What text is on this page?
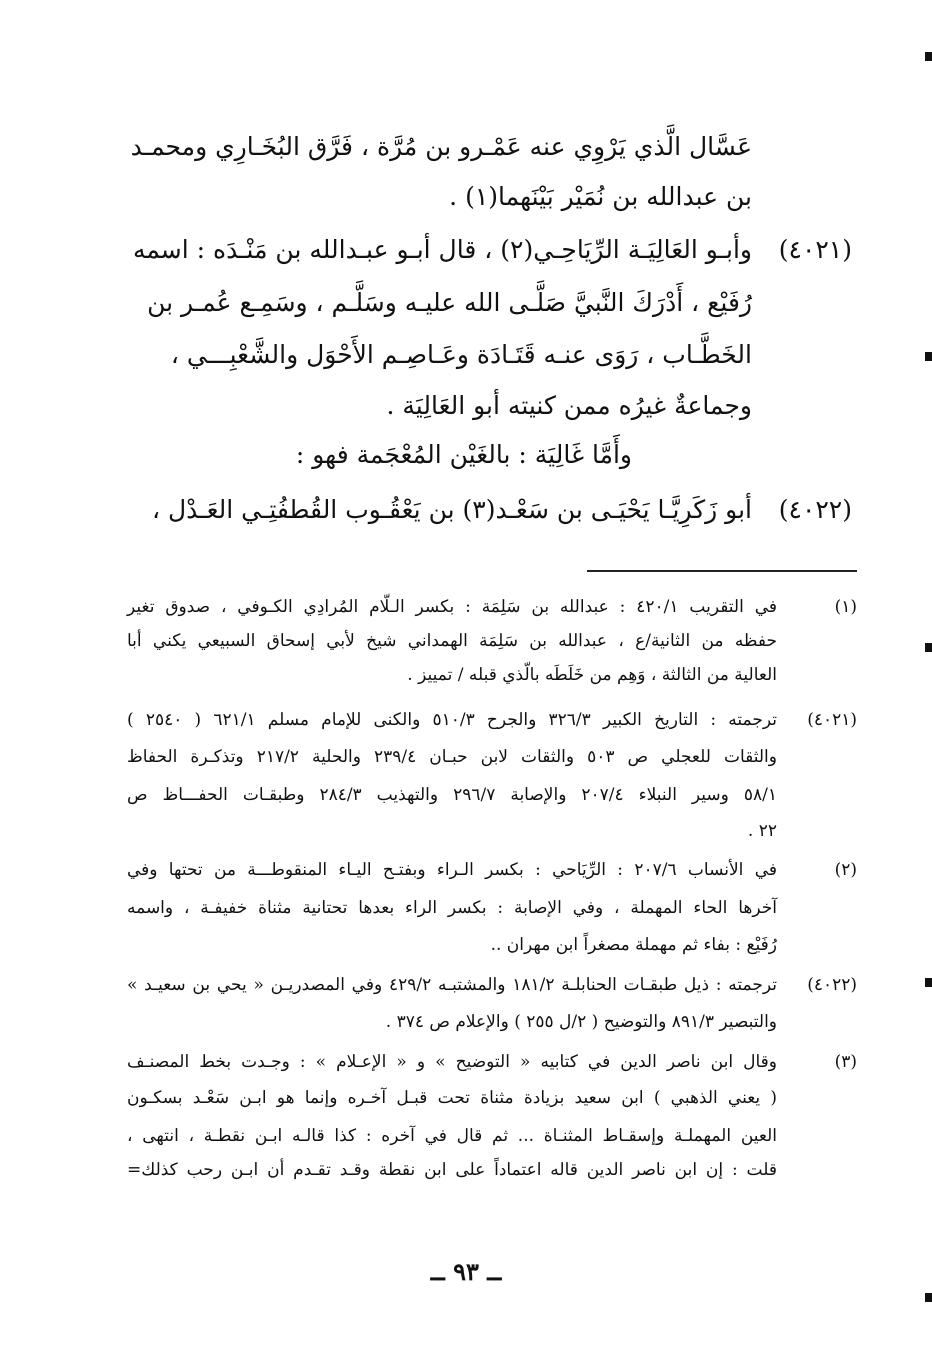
عَسَّال الَّذي يَرْوِي عنه عَمْـرو بن مُرَّة ، فَرَّق البُخَـارِي ومحمـد
بن عبدالله بن نُمَيْر بَيْنَهما(١) .
(٤٠٢١)
وأبـو العَالِيَـة الرِّيَاحِـي(٢) ، قال أبـو عبـدالله بن مَنْـدَه : اسمه
رُفَيْع ، أَدْرَكَ النَّبيَّ صَلَّـى الله عليـه وسَلَّـم ، وسَمِـع عُمـر بن
الخَطَّـاب ، رَوَى عنـه قَتَـادَة وعَـاصِـم الأَحْوَل والشَّعْبِـــي ،
وجماعةٌ غيرُه ممن كنيته أبو العَالِيَة .
وأَمَّا غَالِيَة : بالغَيْن المُعْجَمة فهو :
(٤٠٢٢)
أبو زَكَرِيَّـا يَحْيَـى بن سَعْـد(٣) بن يَعْقُـوب القُطفُتِـي العَـدْل ،
(١)
في التقريب ٤٢٠/١ : عبدالله بن سَلِمَة : بكسر الـلّام المُرادِي الكـوفي ، صدوق تغير
حفظه من الثانية/ع ، عبدالله بن سَلِمَة الهمداني شيخ لأبي إسحاق السبيعي يكني أبا
العالية من الثالثة ، وَهِم من خَلَطَه بالّذي قبله / تمييز .
(٤٠٢١)
ترجمته : التاريخ الكبير ٣٢٦/٣ والجرح ٥١٠/٣ والكنى للإمام مسلم ٦٢١/١ ( ٢٥٤٠ )
والثقات للعجلي ص ٥٠٣ والثقات لابن حبـان ٢٣٩/٤ والحلية ٢١٧/٢ وتذكـرة الحفاظ
٥٨/١ وسير النبلاء ٢٠٧/٤ والإصابة ٢٩٦/٧ والتهذيب ٢٨٤/٣ وطبقـات الحفـــاظ ص
٢٢ .
(٢)
في الأنساب ٢٠٧/٦ : الرِّيَاحي : بكسر الـراء وبفتـح اليـاء المنقوطـــة من تحتها وفي
آخرها الحاء المهملة ، وفي الإصابة : بكسر الراء بعدها تحتانية مثناة خفيفـة ، واسمه
رُفَيْع : بفاء ثم مهملة مصغراً ابن مهران ..
(٤٠٢٢)
ترجمته : ذيل طبقـات الحنابلـة ١٨١/٢ والمشتبـه ٤٢٩/٢ وفي المصدريـن « يحي بن سعيـد »
والتبصير ٨٩١/٣ والتوضيح ( ٢/ل ٢٥٥ ) والإعلام ص ٣٧٤ .
(٣)
وقال ابن ناصر الدين في كتابيه « التوضيح » و « الإعـلام » : وجـدت بخط المصنـف
( يعني الذهبي ) ابن سعيد بزيادة مثناة تحت قبـل آخـره وإنما هو ابـن سَعْـد بسكـون
العين المهملـة وإسقـاط المثنـاة ... ثم قال في آخره : كذا قالـه ابـن نقطـة ، انتهى ،
قلت : إن ابن ناصر الدين قاله اعتماداً على ابن نقطة وقـد تقـدم أن ابـن رحب كذلك=
ــ ٩٣ ــ
